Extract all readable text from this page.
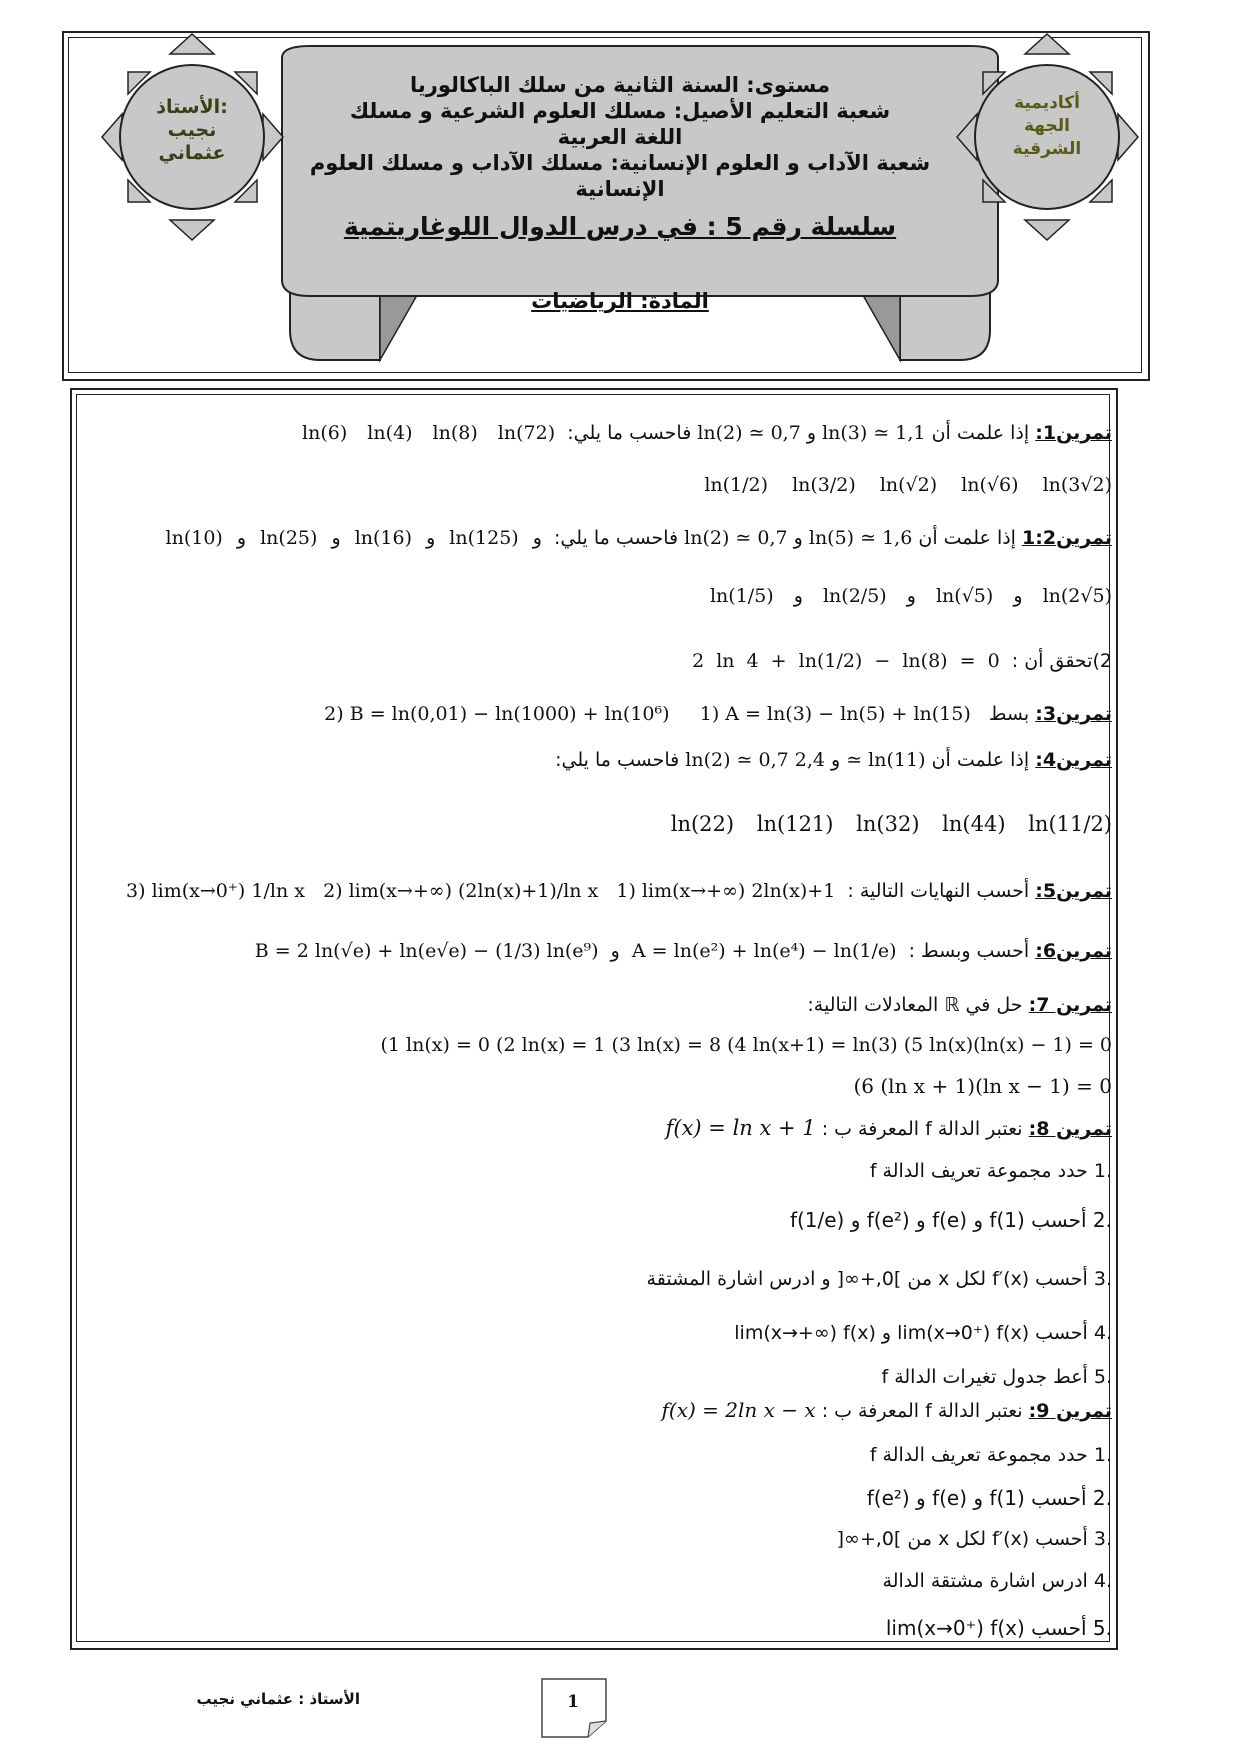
الأستاذ:
نجيب
عثماني
أكاديمية
الجهة
الشرقية
مستوى: السنة الثانية من سلك الباكالوريا
شعبة التعليم الأصيل: مسلك العلوم الشرعية و مسلك
اللغة العربية
شعبة الآداب و العلوم الإنسانية: مسلك الآداب و مسلك العلوم
الإنسانية
سلسلة رقم 5 : في درس الدوال اللوغاريتمية
المادة: الرياضيات
تمرين1: إذا علمت أن ln(2) ≃ 0,7 و ln(3) ≃ 1,1 فاحسب ما يلي:  ln(6) ln(4) ln(8) ln(72)
ln(1/2) ln(3/2) ln(√2) ln(√6) ln(3√2)
تمرين1:2 إذا علمت أن ln(2) ≃ 0,7 و ln(5) ≃ 1,6 فاحسب ما يلي:  ln(10) و ln(25) و ln(16) و ln(125) و
ln(1/5) و ln(2/5) و ln(√5) و ln(2√5)
2)تحقق أن :  2 ln 4 + ln(1/2) − ln(8) = 0
تمرين3: بسط   1) A = ln(3) − ln(5) + ln(15)     2) B = ln(0,01) − ln(1000) + ln(10⁶)
تمرين4: إذا علمت أن ln(2) ≃ 0,7 و 2,4 ≃ ln(11) فاحسب ما يلي:
ln(22) ln(121) ln(32) ln(44) ln(11/2)
تمرين5: أحسب النهايات التالية :  1) lim(x→+∞) 2ln(x)+1   2) lim(x→+∞) (2ln(x)+1)/ln x   3) lim(x→0⁺) 1/ln x
تمرين6: أحسب وبسط :  A = ln(e²) + ln(e⁴) − ln(1/e)  و  B = 2 ln(√e) + ln(e√e) − (1/3) ln(e⁹)
تمرين 7: حل في ℝ المعادلات التالية:
(1 ln(x) = 0 (2 ln(x) = 1 (3 ln(x) = 8 (4 ln(x+1) = ln(3) (5 ln(x)(ln(x) − 1) = 0
(6 (ln x + 1)(ln x − 1) = 0
تمرين 8: نعتبر الدالة f المعرفة ب : f(x) = ln x + 1
.1 حدد مجموعة تعريف الدالة f
.2 أحسب f(1) و f(e) و f(e²) و f(1/e)
.3 أحسب f′(x) لكل x من ]0,+∞[ و ادرس اشارة المشتقة
.4 أحسب lim(x→0⁺) f(x) و lim(x→+∞) f(x)
.5 أعط جدول تغيرات الدالة f
تمرين 9: نعتبر الدالة f المعرفة ب : f(x) = 2ln x − x
.1 حدد مجموعة تعريف الدالة f
.2 أحسب f(1) و f(e) و f(e²)
.3 أحسب f′(x) لكل x من ]0,+∞[
.4 ادرس اشارة مشتقة الدالة
.5 أحسب lim(x→0⁺) f(x)
الأستاذ : عثماني نجيب	1
